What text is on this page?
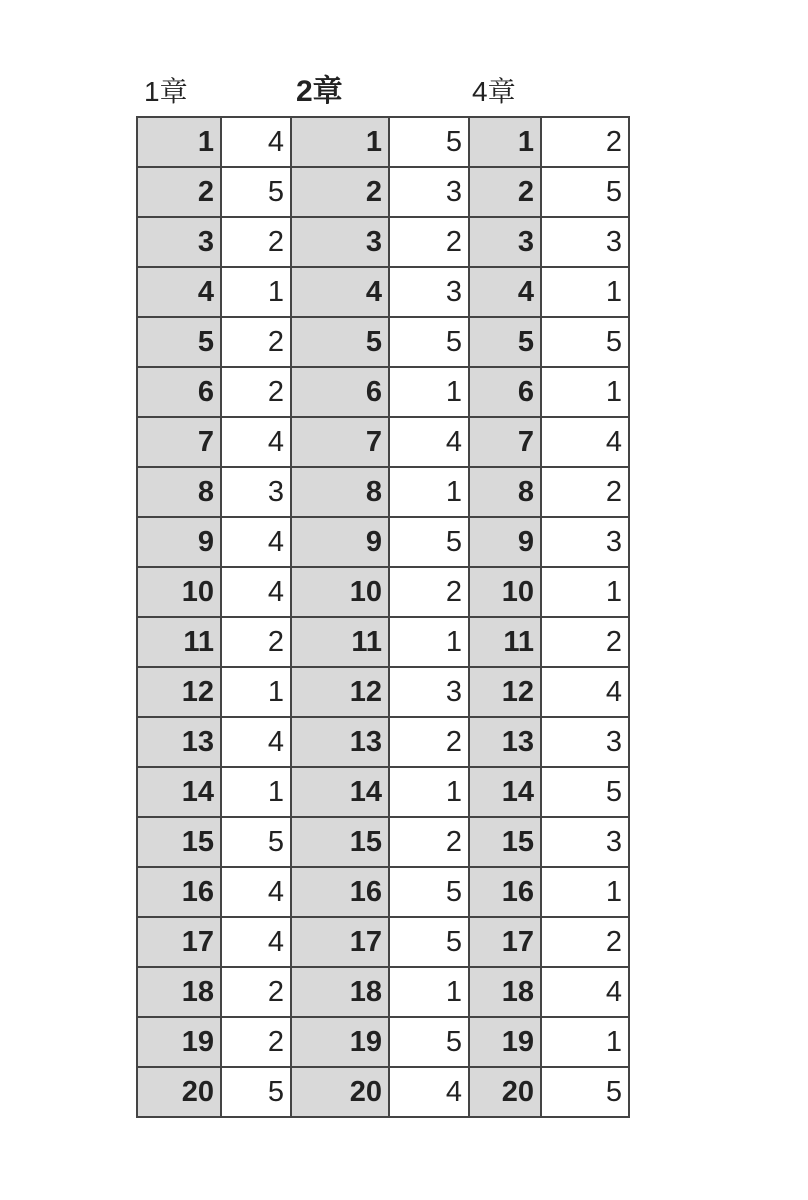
1章	2章	4章
1	4	1	5	1	2
2	5	2	3	2	5
3	2	3	2	3	3
4	1	4	3	4	1
5	2	5	5	5	5
6	2	6	1	6	1
7	4	7	4	7	4
8	3	8	1	8	2
9	4	9	5	9	3
10	4	10	2	10	1
11	2	11	1	11	2
12	1	12	3	12	4
13	4	13	2	13	3
14	1	14	1	14	5
15	5	15	2	15	3
16	4	16	5	16	1
17	4	17	5	17	2
18	2	18	1	18	4
19	2	19	5	19	1
20	5	20	4	20	5
